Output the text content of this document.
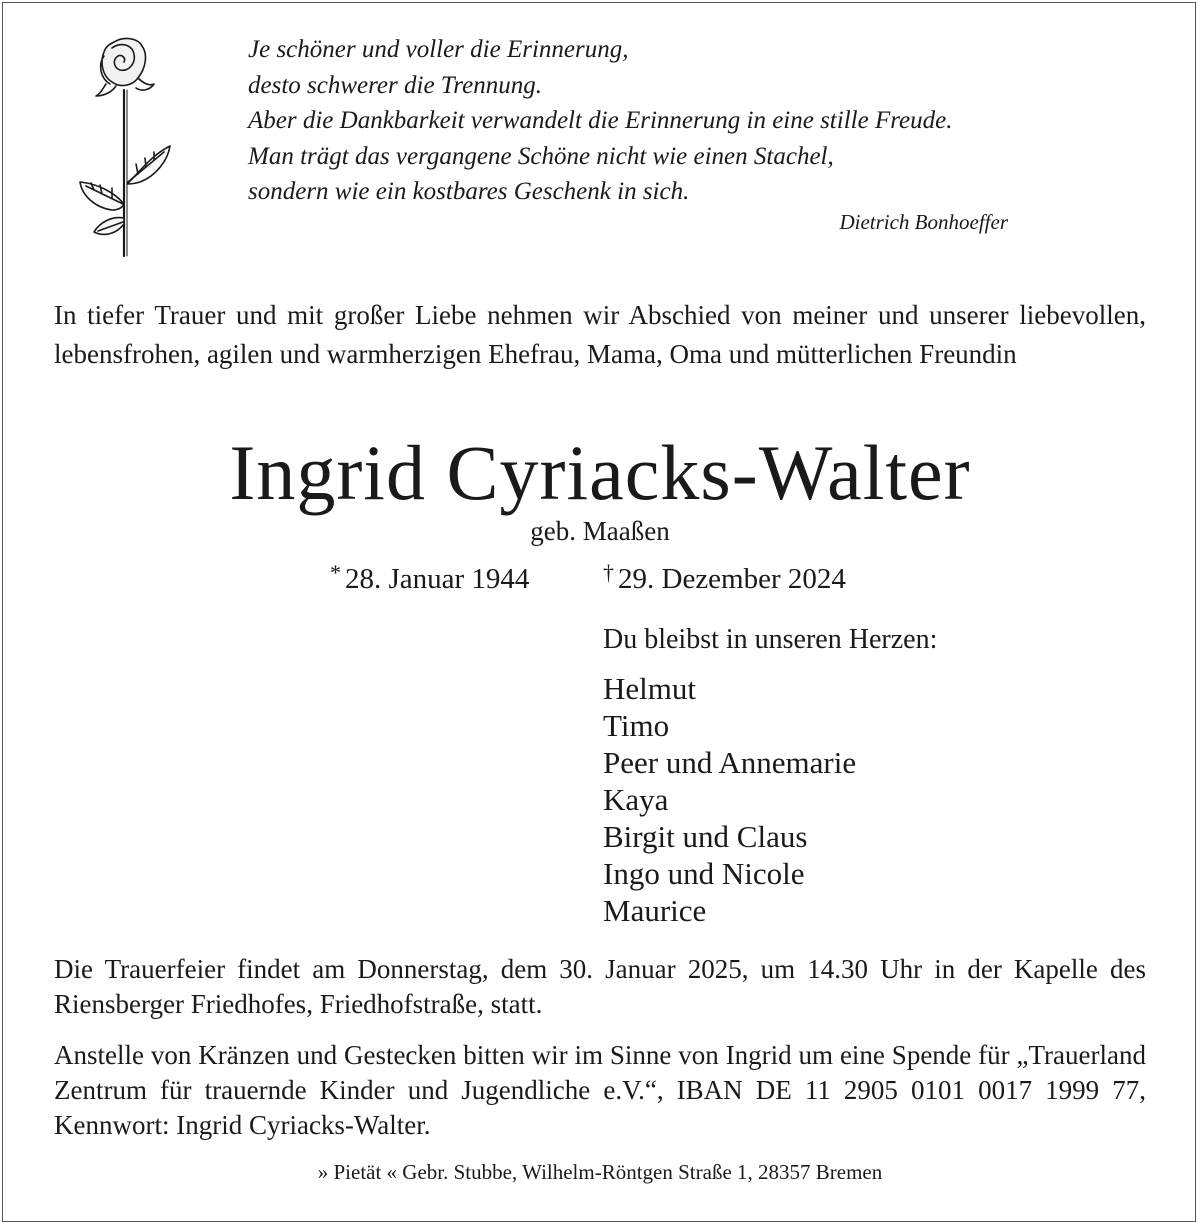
Je schöner und voller die Erinnerung,
desto schwerer die Trennung.
Aber die Dankbarkeit verwandelt die Erinnerung in eine stille Freude.
Man trägt das vergangene Schöne nicht wie einen Stachel,
sondern wie ein kostbares Geschenk in sich.
Dietrich Bonhoeffer
In tiefer Trauer und mit großer Liebe nehmen wir Abschied von meiner und unserer liebevollen, lebensfrohen, agilen und warmherzigen Ehefrau, Mama, Oma und mütterlichen Freundin
Ingrid Cyriacks-Walter
geb. Maaßen
* 28. Januar 1944	† 29. Dezember 2024
Du bleibst in unseren Herzen:
Helmut
Timo
Peer und Annemarie
Kaya
Birgit und Claus
Ingo und Nicole
Maurice
Die Trauerfeier findet am Donnerstag, dem 30. Januar 2025, um 14.30 Uhr in der Kapelle des Riensberger Friedhofes, Friedhofstraße, statt.
Anstelle von Kränzen und Gestecken bitten wir im Sinne von Ingrid um eine Spende für „Trauerland Zentrum für trauernde Kinder und Jugendliche e.V.“, IBAN DE 11 2905 0101 0017 1999 77, Kennwort: Ingrid Cyriacks-Walter.
» Pietät « Gebr. Stubbe, Wilhelm-Röntgen Straße 1, 28357 Bremen
